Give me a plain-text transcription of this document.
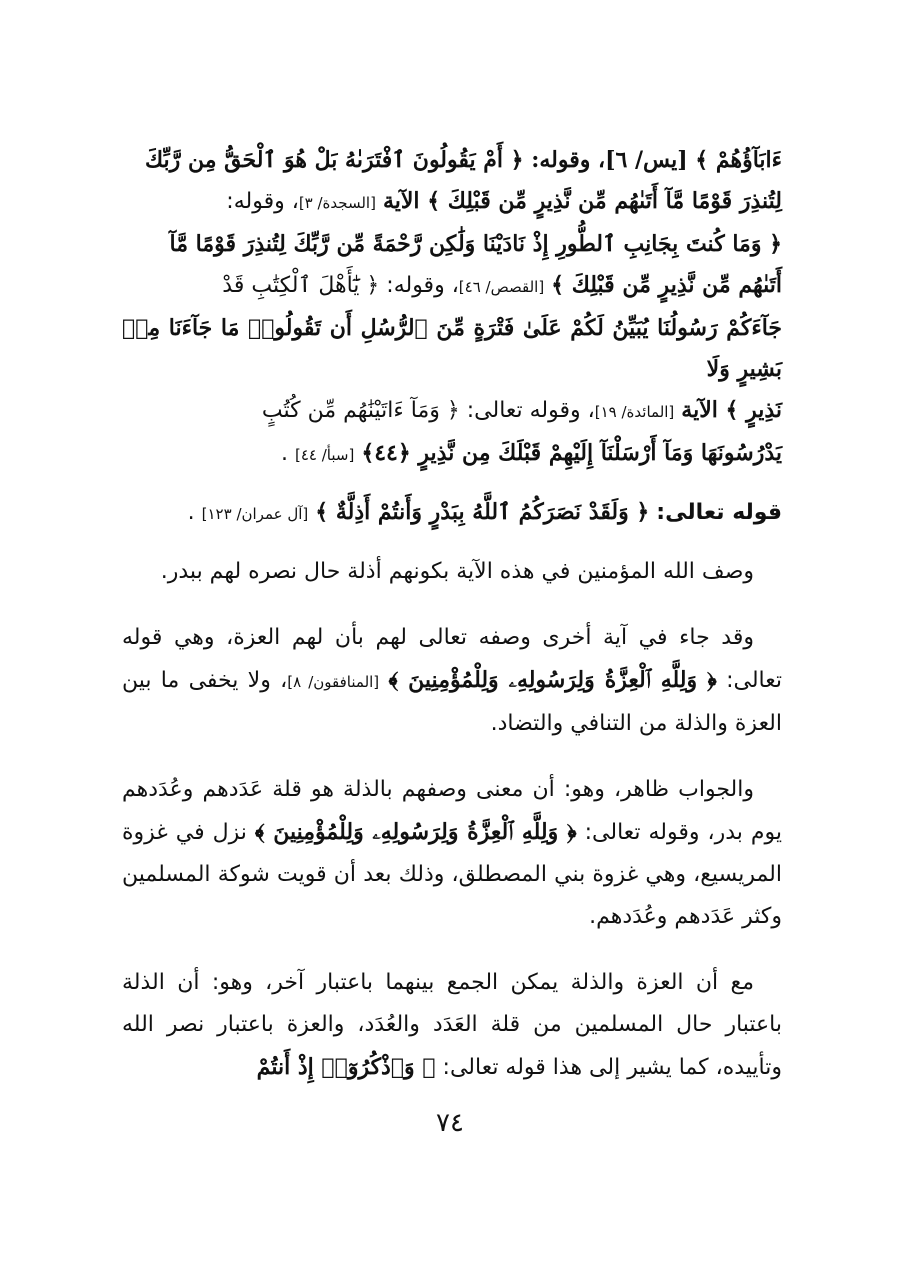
ءَابَآؤُهُمْ ﴾ [يس/ ٦]، وقوله: ﴿ أَمْ يَقُولُونَ ٱفْتَرَىٰهُ بَلْ هُوَ ٱلْحَقُّ مِن رَّبِّكَ
لِتُنذِرَ قَوْمًا مَّآ أَتَىٰهُم مِّن نَّذِيرٍ مِّن قَبْلِكَ ﴾ الآية [السجدة/ ٣]، وقوله:
﴿ وَمَا كُنتَ بِجَانِبِ ٱلطُّورِ إِذْ نَادَيْنَا وَلَٰكِن رَّحْمَةً مِّن رَّبِّكَ لِتُنذِرَ قَوْمًا مَّآ
أَتَىٰهُم مِّن نَّذِيرٍ مِّن قَبْلِكَ ﴾ [القصص/ ٤٦]، وقوله: ﴿ يَٰٓأَهْلَ ٱلْكِتَٰبِ قَدْ
جَآءَكُمْ رَسُولُنَا يُبَيِّنُ لَكُمْ عَلَىٰ فَتْرَةٍ مِّنَ ٱلرُّسُلِ أَن تَقُولُوا۟ مَا جَآءَنَا مِنۢ بَشِيرٍ وَلَا
نَذِيرٍ ﴾ الآية [المائدة/ ١٩]، وقوله تعالى: ﴿ وَمَآ ءَاتَيْنَٰهُم مِّن كُتُبٍ
يَدْرُسُونَهَا وَمَآ أَرْسَلْنَآ إِلَيْهِمْ قَبْلَكَ مِن نَّذِيرٍ ﴿٤٤﴾ [سبأ/ ٤٤] .

قوله تعالى: ﴿ وَلَقَدْ نَصَرَكُمُ ٱللَّهُ بِبَدْرٍ وَأَنتُمْ أَذِلَّةٌ ﴾ [آل عمران/ ١٢٣] .

وصف الله المؤمنين في هذه الآية بكونهم أذلة حال نصره لهم ببدر.

وقد جاء في آية أخرى وصفه تعالى لهم بأن لهم العزة، وهي قوله تعالى: ﴿ وَلِلَّهِ ٱلْعِزَّةُ وَلِرَسُولِهِۦ وَلِلْمُؤْمِنِينَ ﴾ [المنافقون/ ٨]، ولا يخفى ما بين العزة والذلة من التنافي والتضاد.

والجواب ظاهر، وهو: أن معنى وصفهم بالذلة هو قلة عَدَدهم وعُدَدهم يوم بدر، وقوله تعالى: ﴿ وَلِلَّهِ ٱلْعِزَّةُ وَلِرَسُولِهِۦ وَلِلْمُؤْمِنِينَ ﴾ نزل في غزوة المريسيع، وهي غزوة بني المصطلق، وذلك بعد أن قويت شوكة المسلمين وكثر عَدَدهم وعُدَدهم.

مع أن العزة والذلة يمكن الجمع بينهما باعتبار آخر، وهو: أن الذلة باعتبار حال المسلمين من قلة العَدَد والعُدَد، والعزة باعتبار نصر الله وتأييده، كما يشير إلى هذا قوله تعالى: ﴿ وَٱذْكُرُوٓا۟ إِذْ أَنتُمْ

٧٤
